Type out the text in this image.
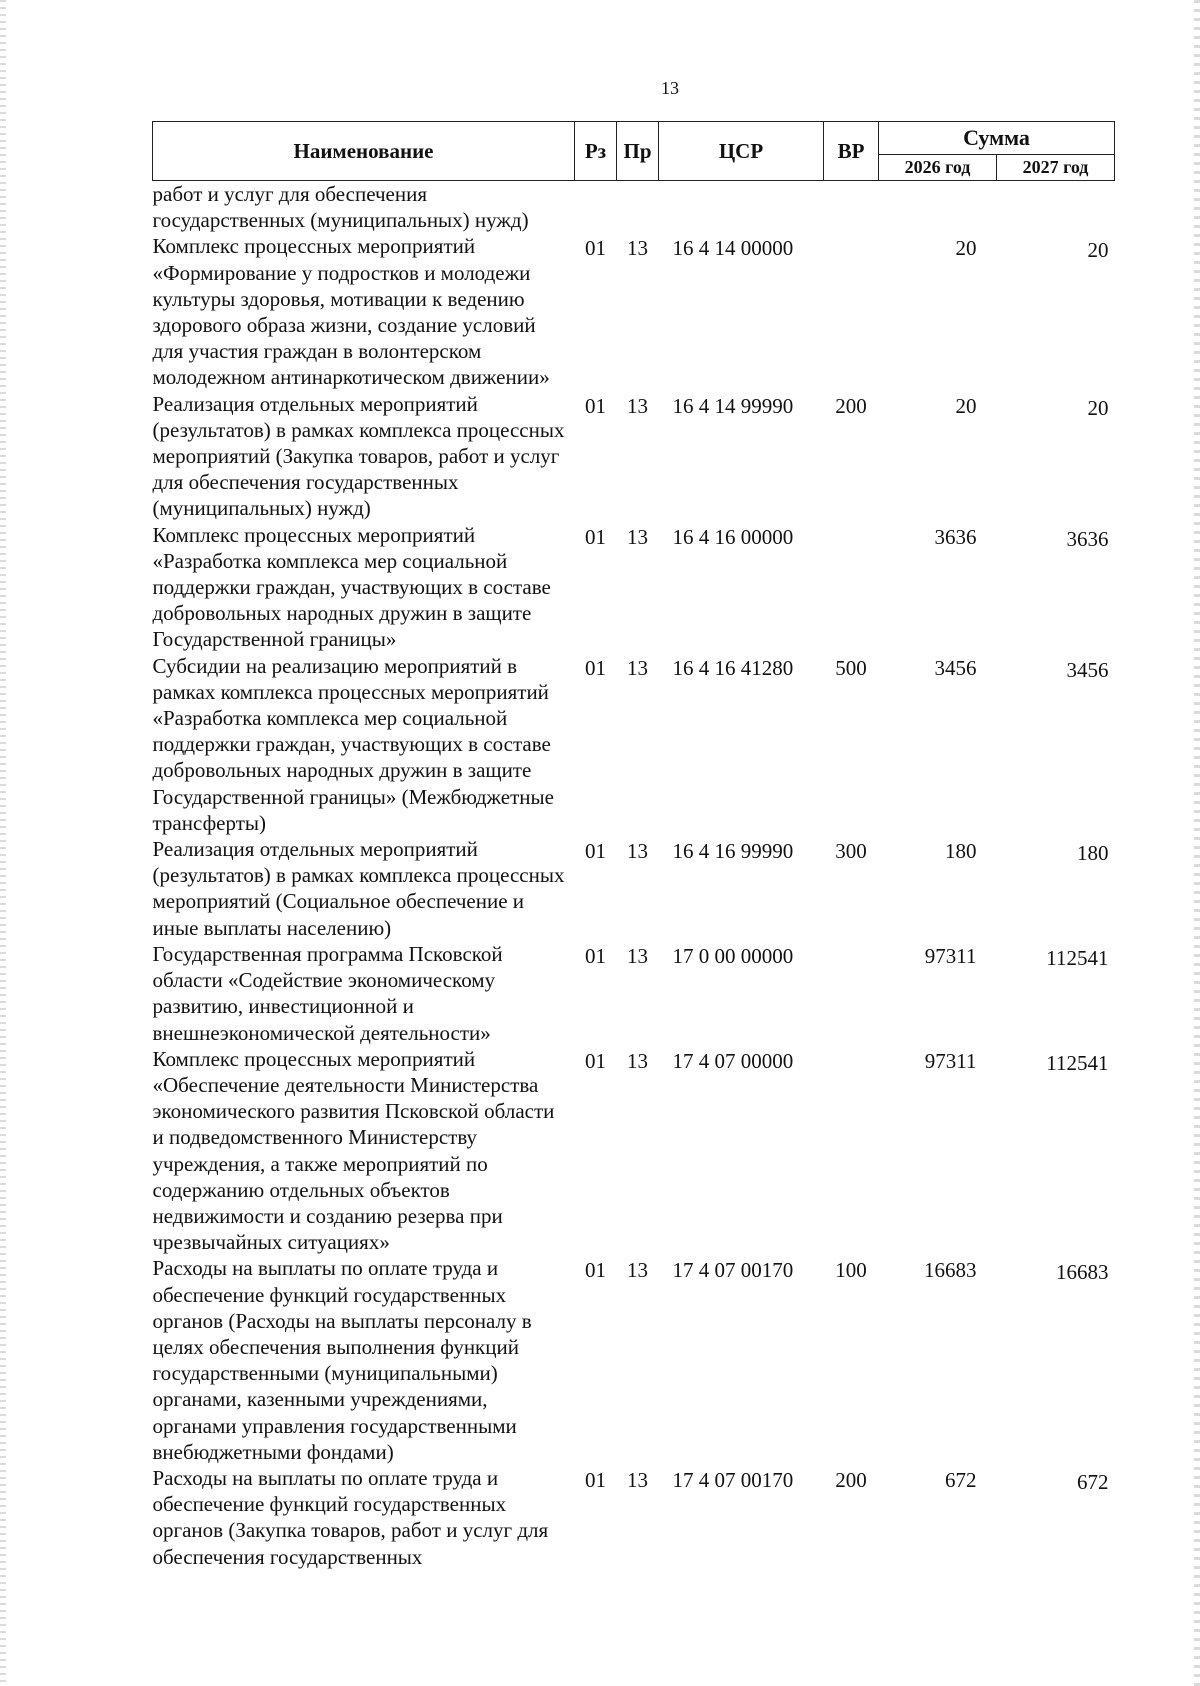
13
Наименование	Рз	Пр	ЦСР	ВР	Сумма	
					2026 год	2027 год
работ и услуг для обеспечения государственных (муниципальных) нужд)						
Комплекс процессных мероприятий «Формирование у подростков и молодежи культуры здоровья, мотивации к ведению здорового образа жизни, создание условий для участия граждан в волонтерском молодежном антинаркотическом движении»	01	13	16 4 14 00000		20	20
Реализация отдельных мероприятий (результатов) в рамках комплекса процессных мероприятий (Закупка товаров, работ и услуг для обеспечения государственных (муниципальных) нужд)	01	13	16 4 14 99990	200	20	20
Комплекс процессных мероприятий «Разработка комплекса мер социальной поддержки граждан, участвующих в составе добровольных народных дружин в защите Государственной границы»	01	13	16 4 16 00000		3636	3636
Субсидии на реализацию мероприятий в рамках комплекса процессных мероприятий «Разработка комплекса мер социальной поддержки граждан, участвующих в составе добровольных народных дружин в защите Государственной границы» (Межбюджетные трансферты)	01	13	16 4 16 41280	500	3456	3456
Реализация отдельных мероприятий (результатов) в рамках комплекса процессных мероприятий (Социальное обеспечение и иные выплаты населению)	01	13	16 4 16 99990	300	180	180
Государственная программа Псковской области «Содействие экономическому развитию, инвестиционной и внешнеэкономической деятельности»	01	13	17 0 00 00000		97311	112541
Комплекс процессных мероприятий «Обеспечение деятельности Министерства экономического развития Псковской области и подведомственного Министерству учреждения, а также мероприятий по содержанию отдельных объектов недвижимости и созданию резерва при чрезвычайных ситуациях»	01	13	17 4 07 00000		97311	112541
Расходы на выплаты по оплате труда и обеспечение функций государственных органов (Расходы на выплаты персоналу в целях обеспечения выполнения функций государственными (муниципальными) органами, казенными учреждениями, органами управления государственными внебюджетными фондами)	01	13	17 4 07 00170	100	16683	16683
Расходы на выплаты по оплате труда и обеспечение функций государственных органов (Закупка товаров, работ и услуг для обеспечения государственных	01	13	17 4 07 00170	200	672	672
